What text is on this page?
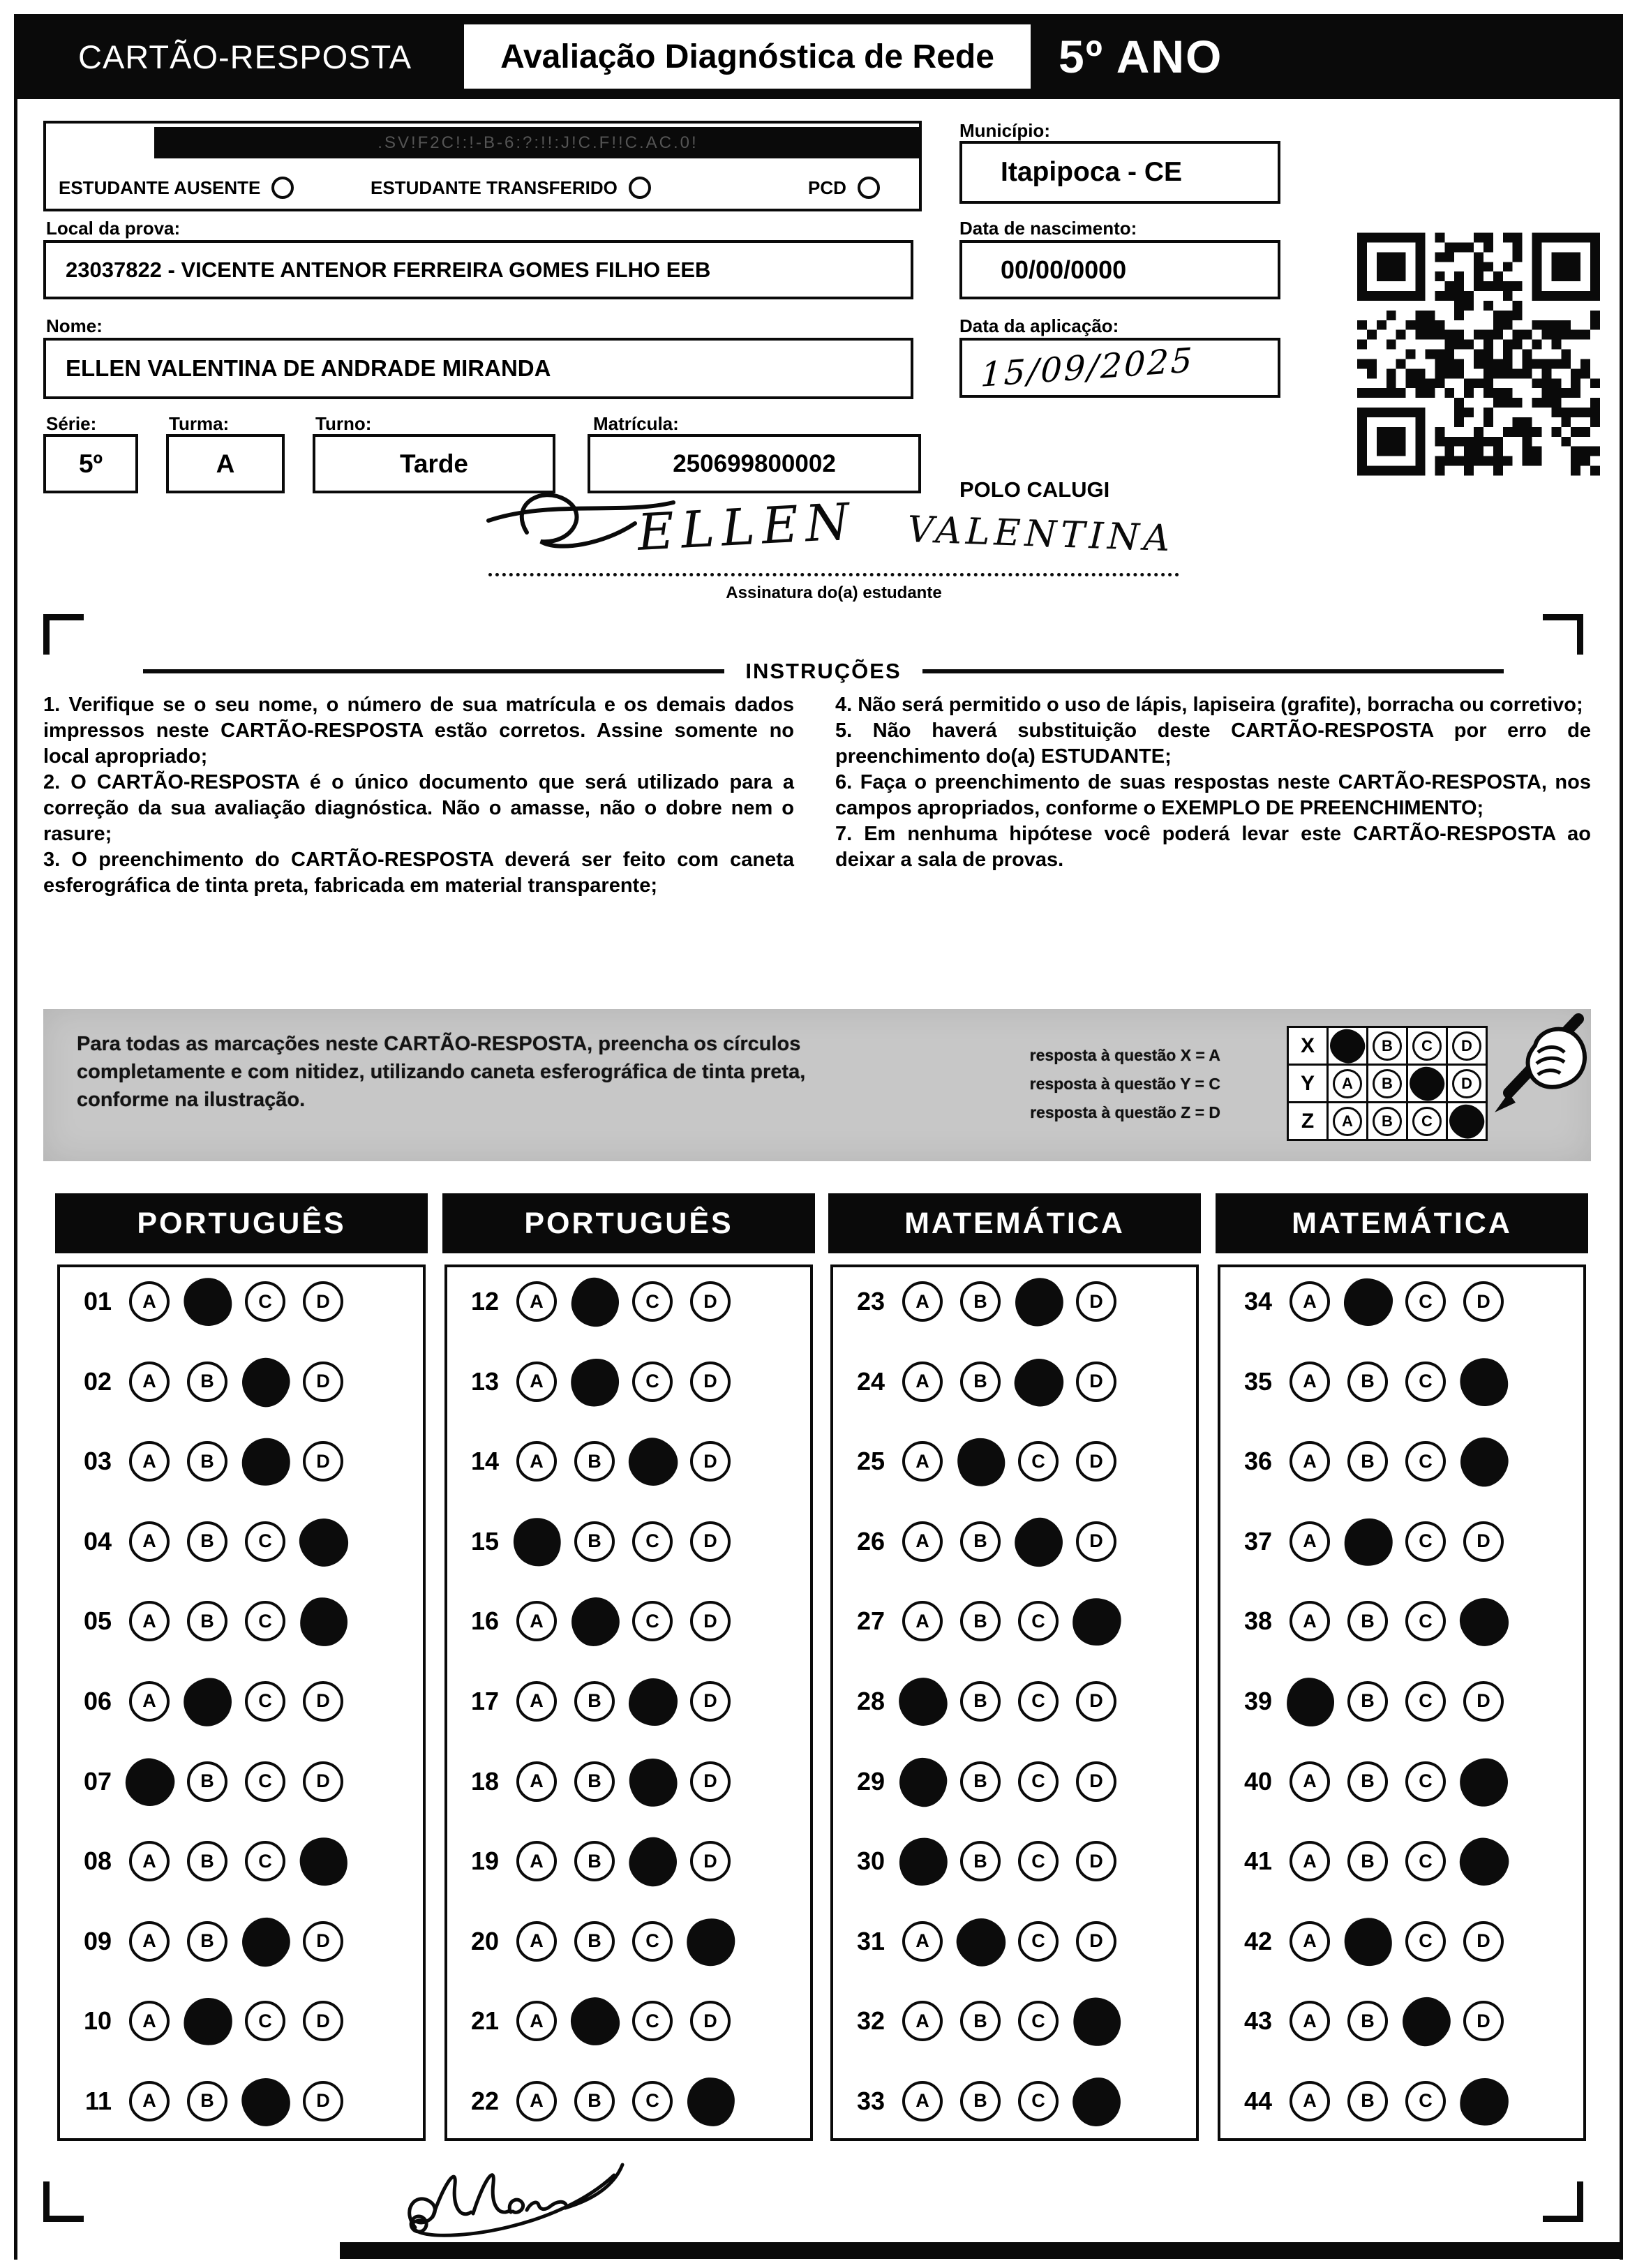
CARTÃO-RESPOSTA	Avaliação Diagnóstica de Rede 5º ANO
.SV!F2C!:!-B-6:?:!!:J!C.F!!C.AC.0!
ESTUDANTE AUSENTE	ESTUDANTE TRANSFERIDO	PCD
Local da prova:
23037822 - VICENTE ANTENOR FERREIRA GOMES FILHO EEB
Nome:
ELLEN VALENTINA DE ANDRADE MIRANDA
Série:	Turma:	Turno:	Matrícula:
5º	A	Tarde	250699800002
Município:
Itapipoca - CE
Data de nascimento:
00/00/0000
Data da aplicação:
15/09/2025
POLO CALUGI
ELLEN VALENTINA
Assinatura do(a) estudante
INSTRUÇÕES

1. Verifique se o seu nome, o número de sua matrícula e os demais dados impressos neste CARTÃO-RESPOSTA estão corretos. Assine somente no local apropriado;

2. O CARTÃO-RESPOSTA é o único documento que será utilizado para a correção da sua avaliação diagnóstica. Não o amasse, não o dobre nem o rasure;

3. O preenchimento do CARTÃO-RESPOSTA deverá ser feito com caneta esferográfica de tinta preta, fabricada em material transparente;

4. Não será permitido o uso de lápis, lapiseira (grafite), borracha ou corretivo;

5. Não haverá substituição deste CARTÃO-RESPOSTA por erro de preenchimento do(a) ESTUDANTE;

6. Faça o preenchimento de suas respostas neste CARTÃO-RESPOSTA, nos campos apropriados, conforme o EXEMPLO DE PREENCHIMENTO;

7. Em nenhuma hipótese você poderá levar este CARTÃO-RESPOSTA ao deixar a sala de provas.

Para todas as marcações neste CARTÃO-RESPOSTA, preencha os círculos completamente e com nitidez, utilizando caneta esferográfica de tinta preta, conforme na ilustração.
resposta à questão X = A
resposta à questão Y = C
resposta à questão Z = D
X	B	C	D
Y	A	B	D
Z	A	B	C
PORTUGUÊS
01 A	C D
02 A B	D
03 A B	D
04 A B C
05 A B C
06 A	C D
07	B C D
08 A B C
09 A B	D
10 A	C D
11 A B	D
PORTUGUÊS
12 A	C D
13 A	C D
14 A B	D
15	B C D
16 A	C D
17 A B	D
18 A B	D
19 A B	D
20 A B C
21 A	C D
22 A B C
MATEMÁTICA
23 A B	D
24 A B	D
25 A	C D
26 A B	D
27 A B C
28	B C D
29	B C D
30	B C D
31 A	C D
32 A B C
33 A B C
MATEMÁTICA
34 A	C D
35 A B C
36 A B C
37 A	C D
38 A B C
39	B C D
40 A B C
41 A B C
42 A	C D
43 A B	D
44 A B C
